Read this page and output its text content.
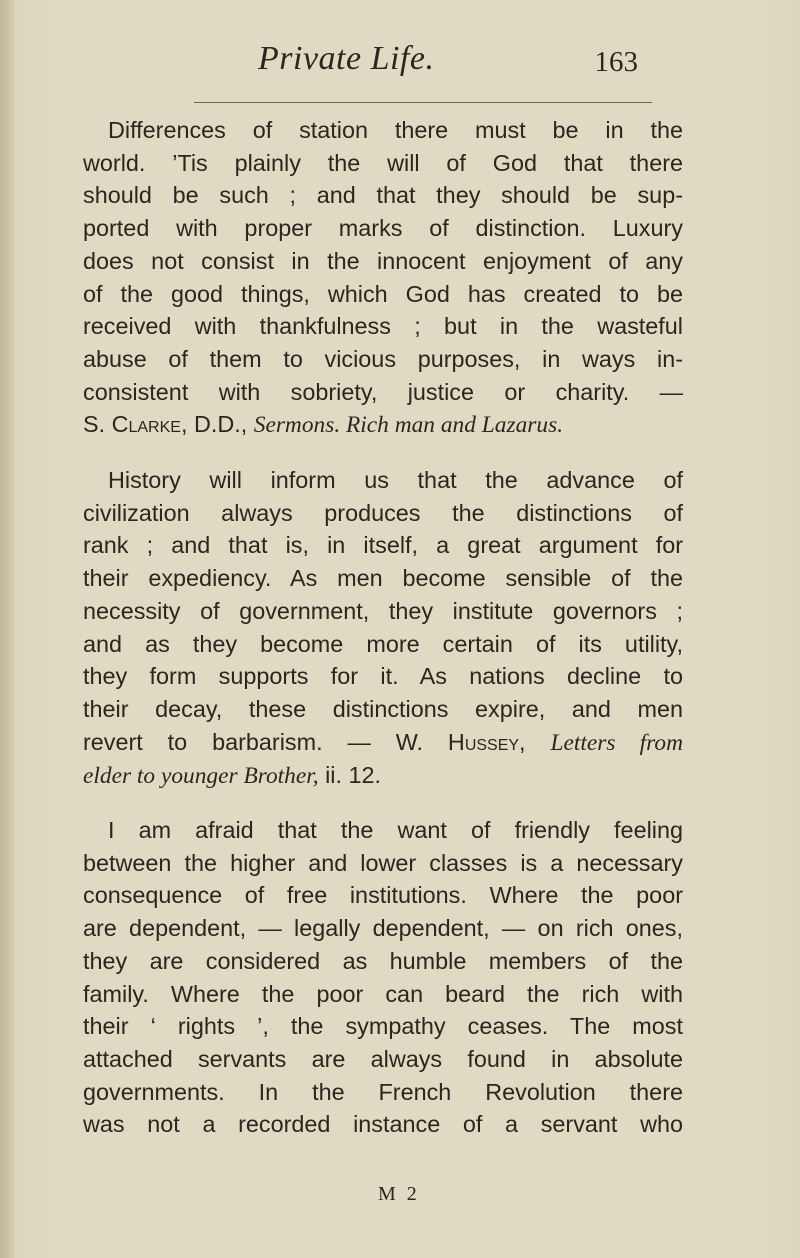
Private Life.	163
Differences of station there must be in the
world. ’Tis plainly the will of God that there
should be such ; and that they should be sup-
ported with proper marks of distinction. Luxury
does not consist in the innocent enjoyment of any
of the good things, which God has created to be
received with thankfulness ; but in the wasteful
abuse of them to vicious purposes, in ways in-
consistent with sobriety, justice or charity. —
S. Clarke, D.D., Sermons. Rich man and Lazarus.
History will inform us that the advance of
civilization always produces the distinctions of
rank ; and that is, in itself, a great argument for
their expediency. As men become sensible of the
necessity of government, they institute governors ;
and as they become more certain of its utility,
they form supports for it. As nations decline to
their decay, these distinctions expire, and men
revert to barbarism. — W. Hussey, Letters from
elder to younger Brother, ii. 12.
I am afraid that the want of friendly feeling
between the higher and lower classes is a necessary
consequence of free institutions. Where the poor
are dependent, — legally dependent, — on rich ones,
they are considered as humble members of the
family. Where the poor can beard the rich with
their ‘ rights ’, the sympathy ceases. The most
attached servants are always found in absolute
governments. In the French Revolution there
was not a recorded instance of a servant who
M 2
